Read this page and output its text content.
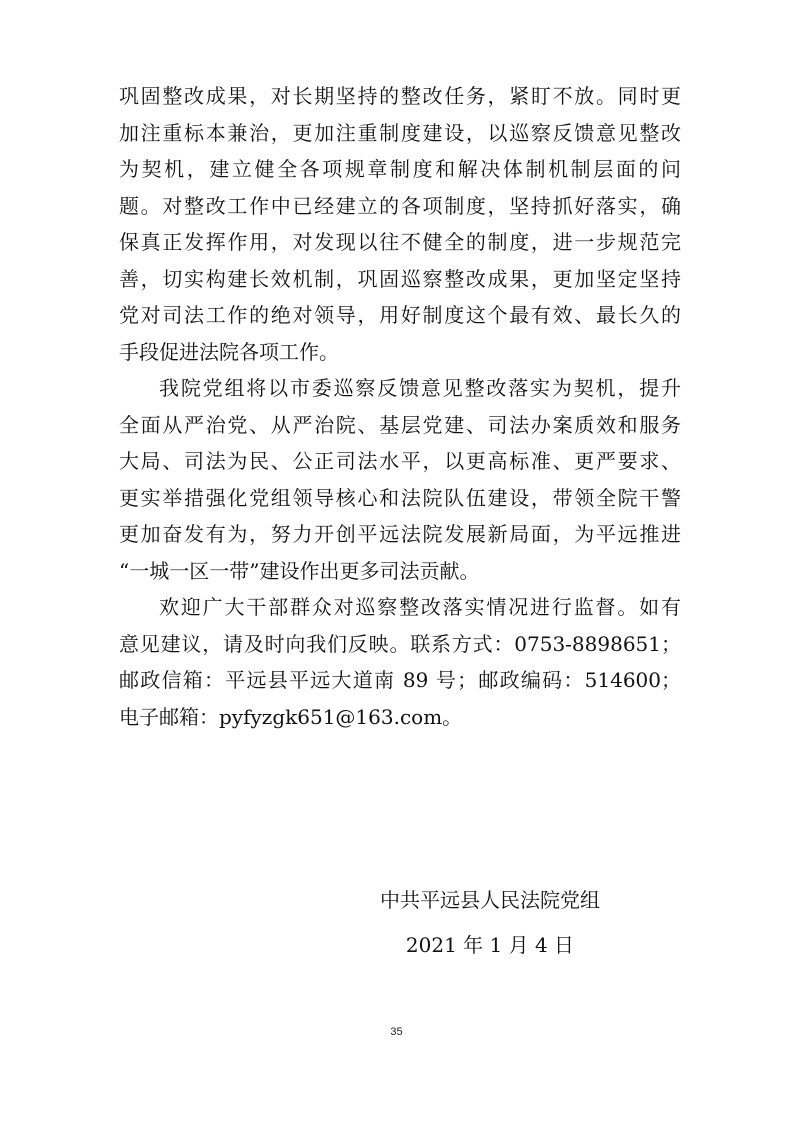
巩固整改成果，对长期坚持的整改任务，紧盯不放。同时更
加注重标本兼治，更加注重制度建设，以巡察反馈意见整改
为契机，建立健全各项规章制度和解决体制机制层面的问
题。对整改工作中已经建立的各项制度，坚持抓好落实，确
保真正发挥作用，对发现以往不健全的制度，进一步规范完
善，切实构建长效机制，巩固巡察整改成果，更加坚定坚持
党对司法工作的绝对领导，用好制度这个最有效、最长久的
手段促进法院各项工作。
我院党组将以市委巡察反馈意见整改落实为契机，提升
全面从严治党、从严治院、基层党建、司法办案质效和服务
大局、司法为民、公正司法水平，以更高标准、更严要求、
更实举措强化党组领导核心和法院队伍建设，带领全院干警
更加奋发有为，努力开创平远法院发展新局面，为平远推进
“一城一区一带”建设作出更多司法贡献。
欢迎广大干部群众对巡察整改落实情况进行监督。如有
意见建议，请及时向我们反映。联系方式：0753-8898651；
邮政信箱：平远县平远大道南 89 号；邮政编码：514600；
电子邮箱：pyfyzgk651@163.com。
中共平远县人民法院党组
2021 年 1 月 4 日
35
